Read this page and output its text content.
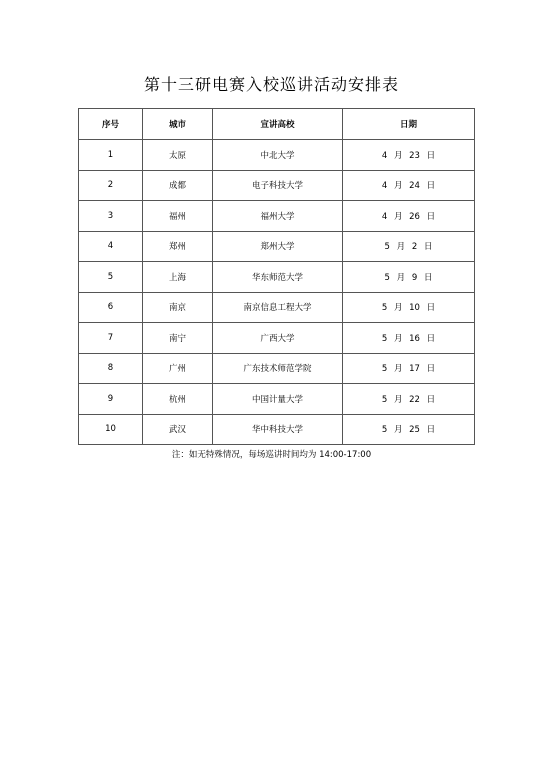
第十三研电赛入校巡讲活动安排表
序号	城市	宣讲高校	日期
1	太原	中北大学	4 月 23 日
2	成都	电子科技大学	4 月 24 日
3	福州	福州大学	4 月 26 日
4	郑州	郑州大学	5 月 2 日
5	上海	华东师范大学	5 月 9 日
6	南京	南京信息工程大学	5 月 10 日
7	南宁	广西大学	5 月 16 日
8	广州	广东技术师范学院	5 月 17 日
9	杭州	中国计量大学	5 月 22 日
10	武汉	华中科技大学	5 月 25 日
注：如无特殊情况，每场巡讲时间均为 14:00-17:00
